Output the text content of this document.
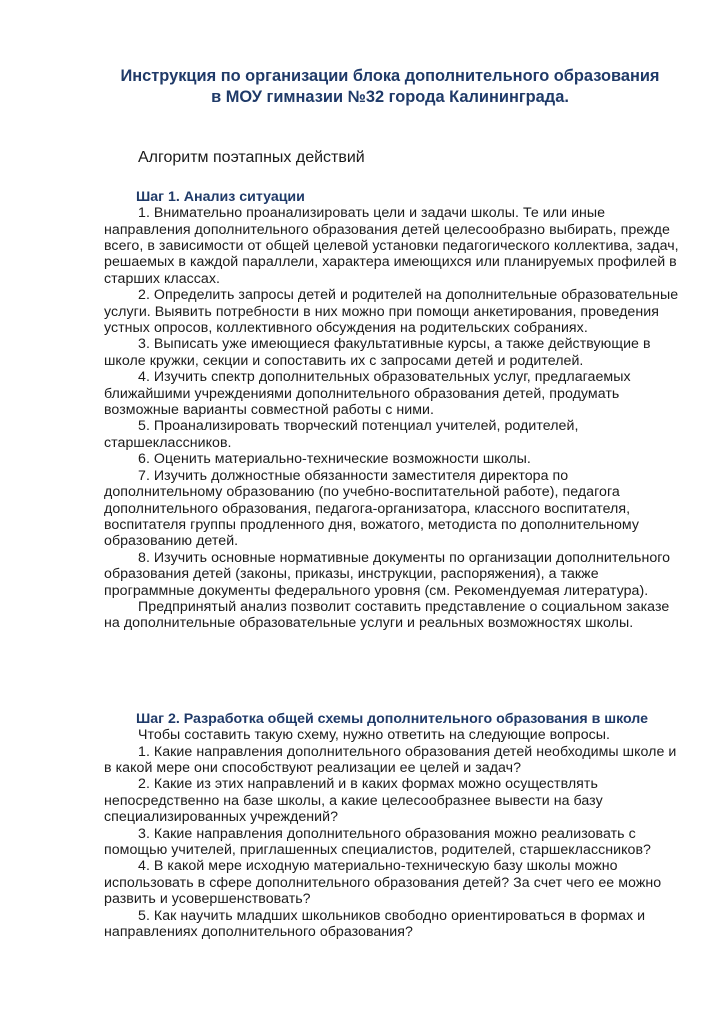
Инструкция по организации блока дополнительного образования
в МОУ гимназии №32 города Калининграда.
Алгоритм поэтапных действий
Шаг 1. Анализ ситуации

1. Внимательно проанализировать цели и задачи школы. Те или иные направления дополнительного образования детей целесообразно выбирать, прежде всего, в зависимости от общей целевой установки педагогического коллектива, задач, решаемых в каждой параллели, характера имеющихся или планируемых профилей в старших классах.

2. Определить запросы детей и родителей на дополнительные образовательные услуги. Выявить потребности в них можно при помощи анкетирования, проведения устных опросов, коллективного обсуждения на родительских собраниях.

3. Выписать уже имеющиеся факультативные курсы, а также действующие в школе кружки, секции и сопоставить их с запросами детей и родителей.

4. Изучить спектр дополнительных образовательных услуг, предлагаемых ближайшими учреждениями дополнительного образования детей, продумать возможные варианты совместной работы с ними.

5. Проанализировать творческий потенциал учителей, родителей, старшеклассников.

6. Оценить материально-технические возможности школы.

7. Изучить должностные обязанности заместителя директора по дополнительному образованию (по учебно-воспитательной работе), педагога дополнительного образования, педагога-организатора, классного воспитателя, воспитателя группы продленного дня, вожатого, методиста по дополнительному образованию детей.

8. Изучить основные нормативные документы по организации дополнительного образования детей (законы, приказы, инструкции, распоряжения), а также программные документы федерального уровня (см. Рекомендуемая литература).

Предпринятый анализ позволит составить представление о социальном заказе на дополнительные образовательные услуги и реальных возможностях школы.

Шаг 2. Разработка общей схемы дополнительного образования в школе

Чтобы составить такую схему, нужно ответить на следующие вопросы.

1. Какие направления дополнительного образования детей необходимы школе и в какой мере они способствуют реализации ее целей и задач?

2. Какие из этих направлений и в каких формах можно осуществлять непосредственно на базе школы, а какие целесообразнее вывести на базу специализированных учреждений?

3. Какие направления дополнительного образования можно реализовать с помощью учителей, приглашенных специалистов, родителей, старшеклассников?

4. В какой мере исходную материально-техническую базу школы можно использовать в сфере дополнительного образования детей? За счет чего ее можно развить и усовершенствовать?

5. Как научить младших школьников свободно ориентироваться в формах и направлениях дополнительного образования?
